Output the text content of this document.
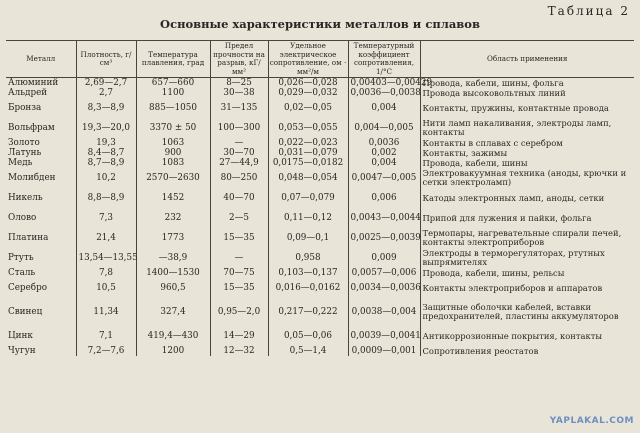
Таблица 2
Основные характеристики металлов и сплавов
Металл	Плотность, г/см³	Температура плавления, град	Предел прочности на разрыв, кГ/мм²	Удельное электрическое сопротивление, ом · мм²/м	Температурный коэффициент сопротивления, 1/°C	Область применения
Алюминий	2,69—2,7	657—660	8—25	0,026—0,028	0,00403—0,00429	Провода, кабели, шины, фольга
Альдрей	2,7	1100	30—38	0,029—0,032	0,0036—0,0038	Провода высоковольтных линий
Бронза	8,3—8,9	885—1050	31—135	0,02—0,05	0,004	Контакты, пружины, контактные провода
Вольфрам	19,3—20,0	3370 ± 50	100—300	0,053—0,055	0,004—0,005	Нити ламп накаливания, электроды ламп, контакты
Золото	19,3	1063	—	0,022—0,023	0,0036	Контакты в сплавах с серебром
Латунь	8,4—8,7	900	30—70	0,031—0,079	0,002	Контакты, зажимы
Медь	8,7—8,9	1083	27—44,9	0,0175—0,0182	0,004	Провода, кабели, шины
Молибден	10,2	2570—2630	80—250	0,048—0,054	0,0047—0,005	Электровакуумная техника (аноды, крючки и сетки электроламп)
Никель	8,8—8,9	1452	40—70	0,07—0,079	0,006	Катоды электронных ламп, аноды, сетки
Олово	7,3	232	2—5	0,11—0,12	0,0043—0,0044	Припой для лужения и пайки, фольга
Платина	21,4	1773	15—35	0,09—0,1	0,0025—0,0039	Термопары, нагревательные спирали печей, контакты электроприборов
Ртуть	13,54—13,55	—38,9	—	0,958	0,009	Электроды в терморегуляторах, ртутных выпрямителях
Сталь	7,8	1400—1530	70—75	0,103—0,137	0,0057—0,006	Провода, кабели, шины, рельсы
Серебро	10,5	960,5	15—35	0,016—0,0162	0,0034—0,0036	Контакты электроприборов и аппаратов
Свинец	11,34	327,4	0,95—2,0	0,217—0,222	0,0038—0,004	Защитные оболочки кабелей, вставки предохранителей, пластины аккумуляторов
Цинк	7,1	419,4—430	14—29	0,05—0,06	0,0039—0,0041	Антикоррозионные покрытия, контакты
Чугун	7,2—7,6	1200	12—32	0,5—1,4	0,0009—0,001	Сопротивления реостатов
YAPLAKAL.COM
